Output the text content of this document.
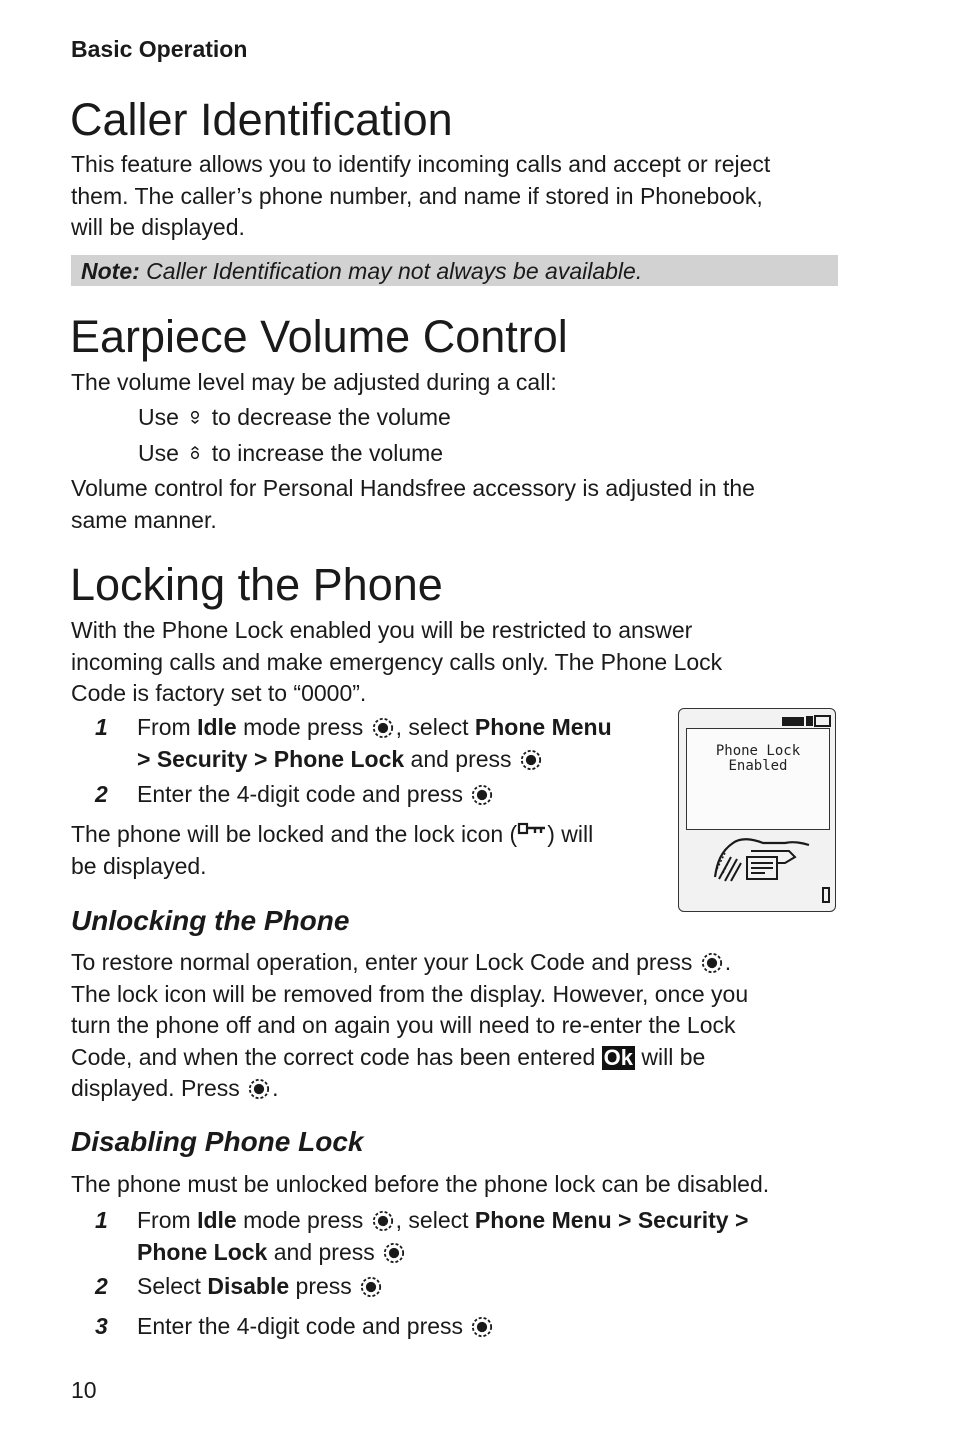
Basic Operation
Caller Identification
This feature allows you to identify incoming calls and accept or reject
them. The caller’s phone number, and name if stored in Phonebook,
will be displayed.
Note: Caller Identification may not always be available.
Earpiece Volume Control
The volume level may be adjusted during a call:
Use to decrease the volume
Use to increase the volume
Volume control for Personal Handsfree accessory is adjusted in the
same manner.
Locking the Phone
With the Phone Lock enabled you will be restricted to answer
incoming calls and make emergency calls only. The Phone Lock
Code is factory set to “0000”.
1 From Idle mode press , select Phone Menu
> Security > Phone Lock and press
2 Enter the 4-digit code and press
The phone will be locked and the lock icon ( ) will
be displayed.
Phone Lock
Enabled
Unlocking the Phone
To restore normal operation, enter your Lock Code and press .
The lock icon will be removed from the display. However, once you
turn the phone off and on again you will need to re-enter the Lock
Code, and when the correct code has been entered Ok will be
displayed. Press .
Disabling Phone Lock
The phone must be unlocked before the phone lock can be disabled.
1 From Idle mode press , select Phone Menu > Security >
Phone Lock and press
2 Select Disable press
3 Enter the 4-digit code and press
10
